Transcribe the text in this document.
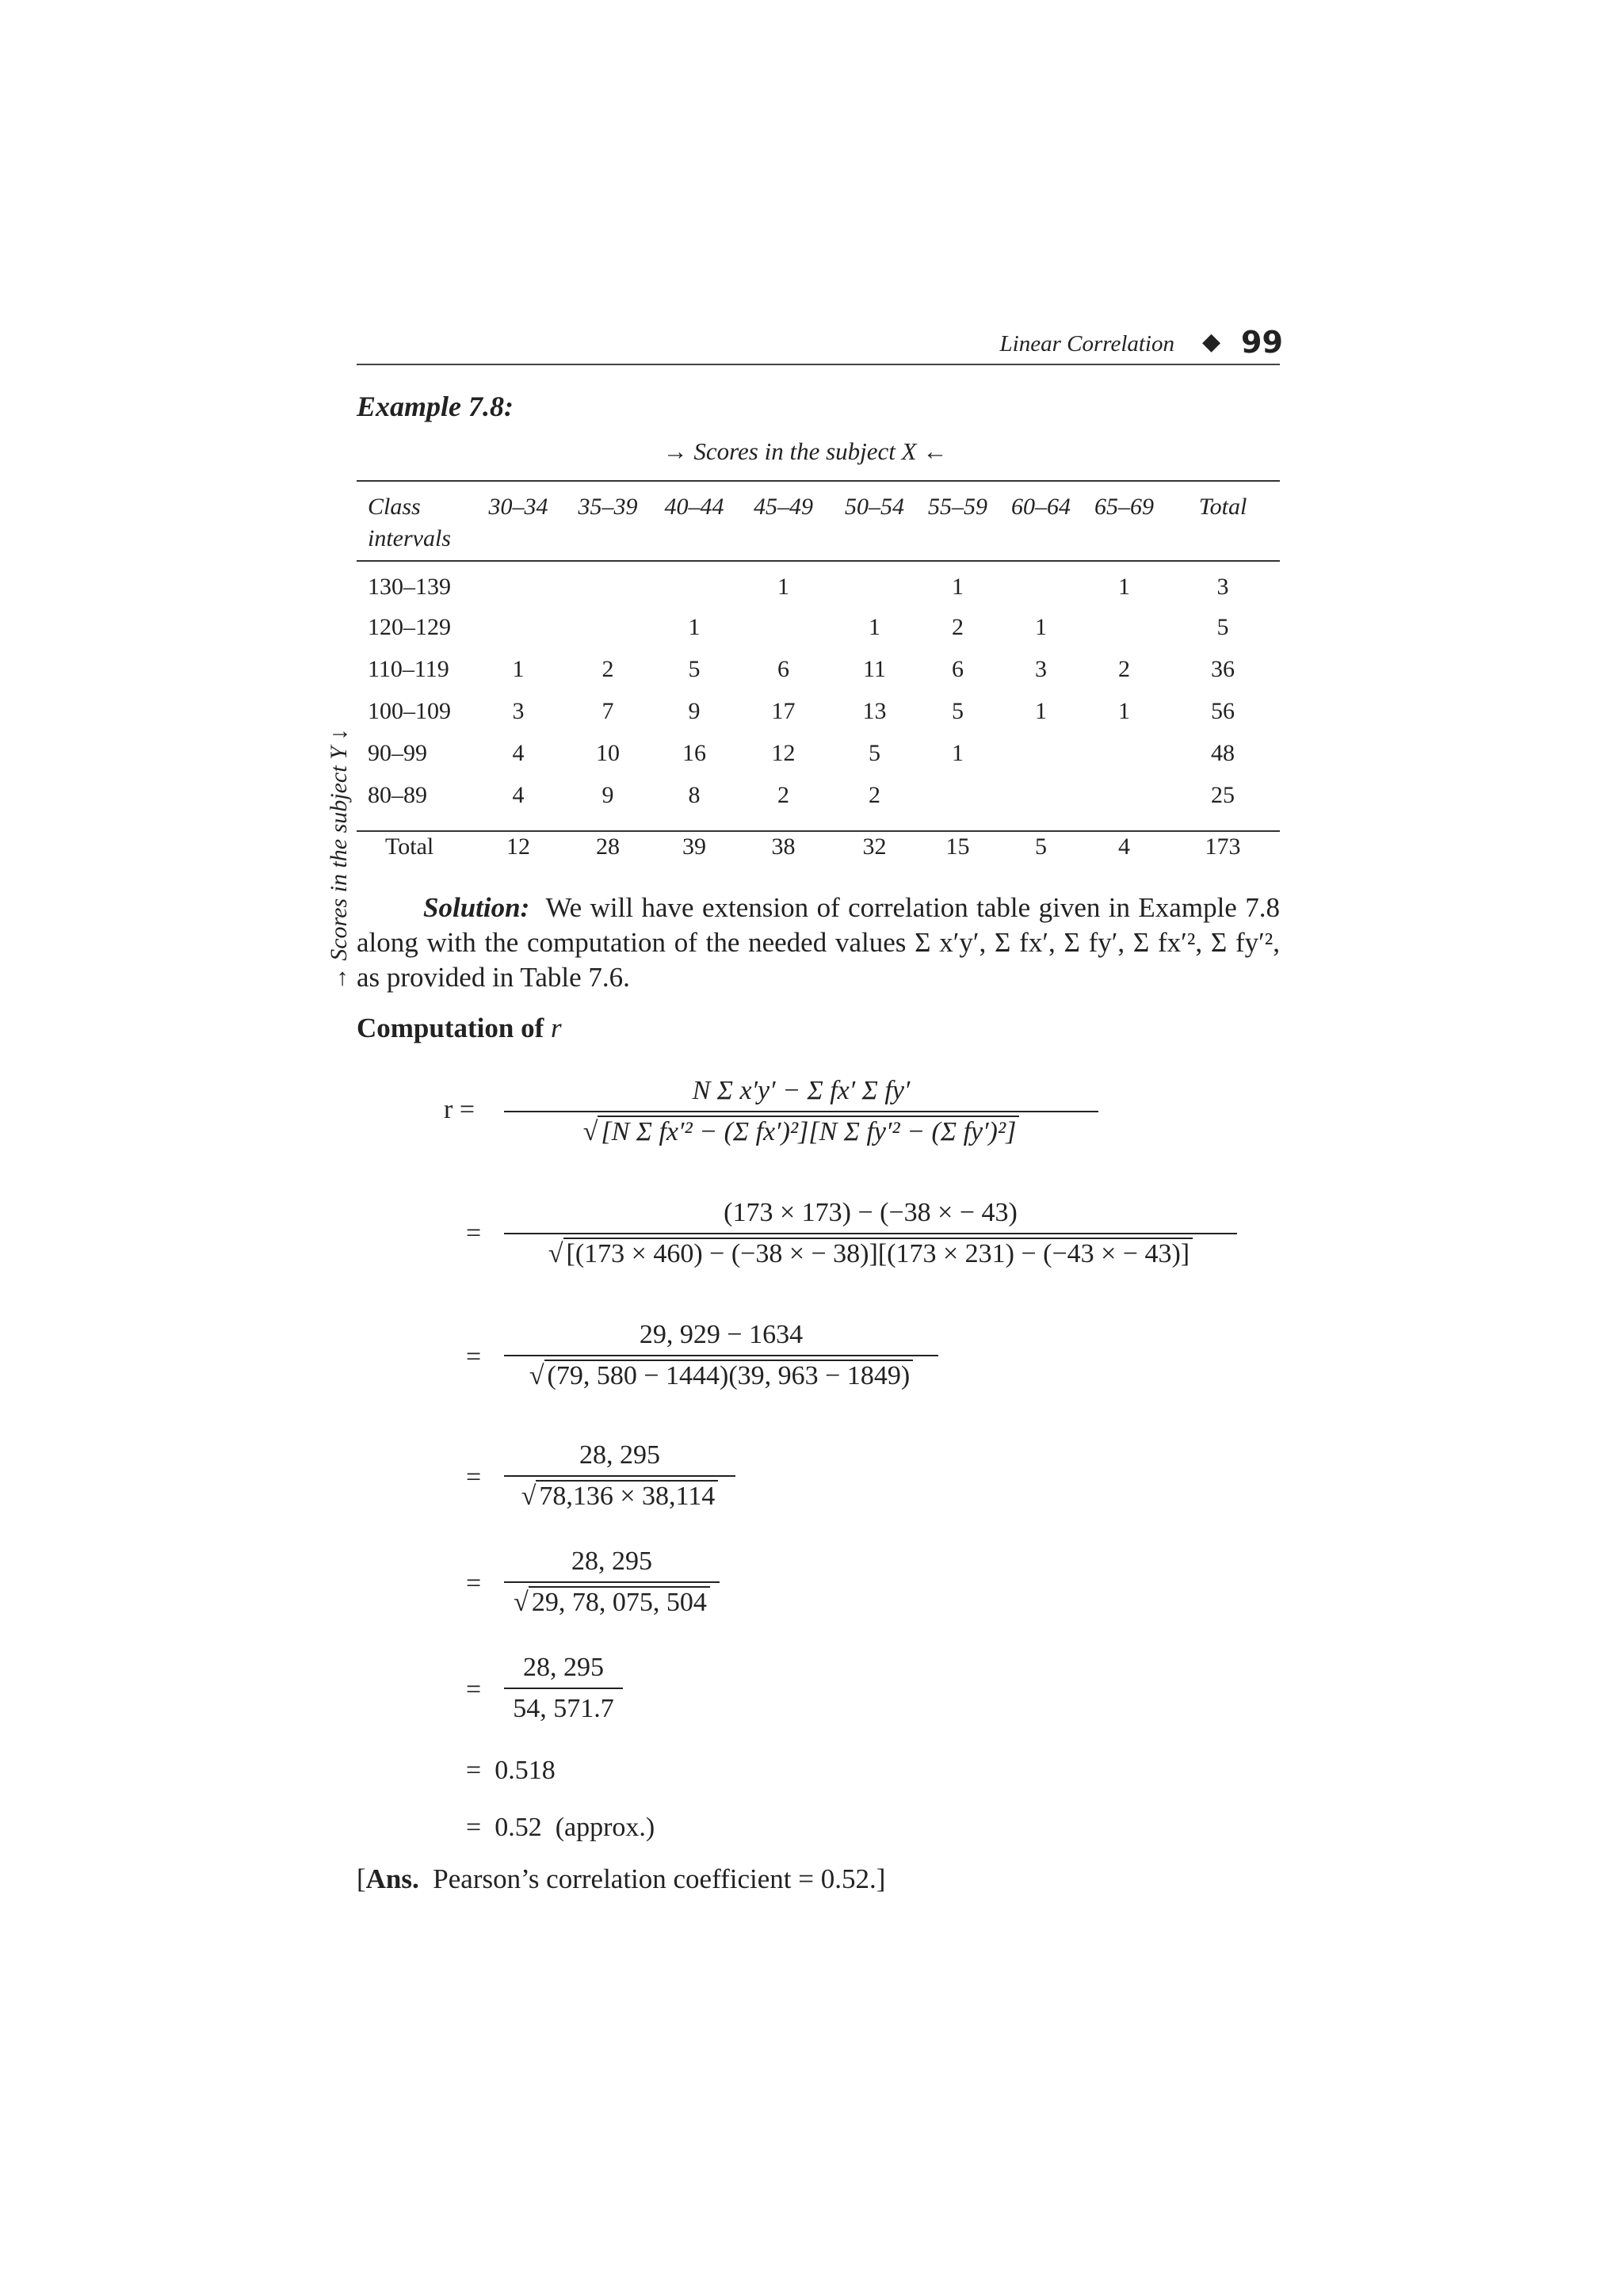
Linear Correlation ◆ 99
Example 7.8:
→ Scores in the subject X ←
→ Scores in the subject Y ↓
Class intervals	30–34	35–39	40–44	45–49	50–54	55–59	60–64	65–69	Total
130–139				1		1		1	3
120–129			1		1	2	1		5
110–119	1	2	5	6	11	6	3	2	36
100–109	3	7	9	17	13	5	1	1	56
90–99	4	10	16	12	5	1			48
80–89	4	9	8	2	2				25
Total	12	28	39	38	32	15	5	4	173
Solution: We will have extension of correlation table given in Example 7.8 along with the computation of the needed values Σ x′y′, Σ fx′, Σ fy′, Σ fx′², Σ fy′², as provided in Table 7.6.
Computation of r
r =
N Σ x′y′ − Σ fx′ Σ fy′
√ [N Σ fx′² − (Σ fx′)²][N Σ fy′² − (Σ fy′)²]
=
(173 × 173) − (−38 × − 43)
√ [(173 × 460) − (−38 × − 38)][(173 × 231) − (−43 × − 43)]
=
29, 929 − 1634
√ (79, 580 − 1444)(39, 963 − 1849)
=
28, 295
√ 78,136 × 38,114
=
28, 295
√ 29, 78, 075, 504
=
28, 295
54, 571.7
=  0.518
=  0.52  (approx.)
[Ans. Pearson’s correlation coefficient = 0.52.]
